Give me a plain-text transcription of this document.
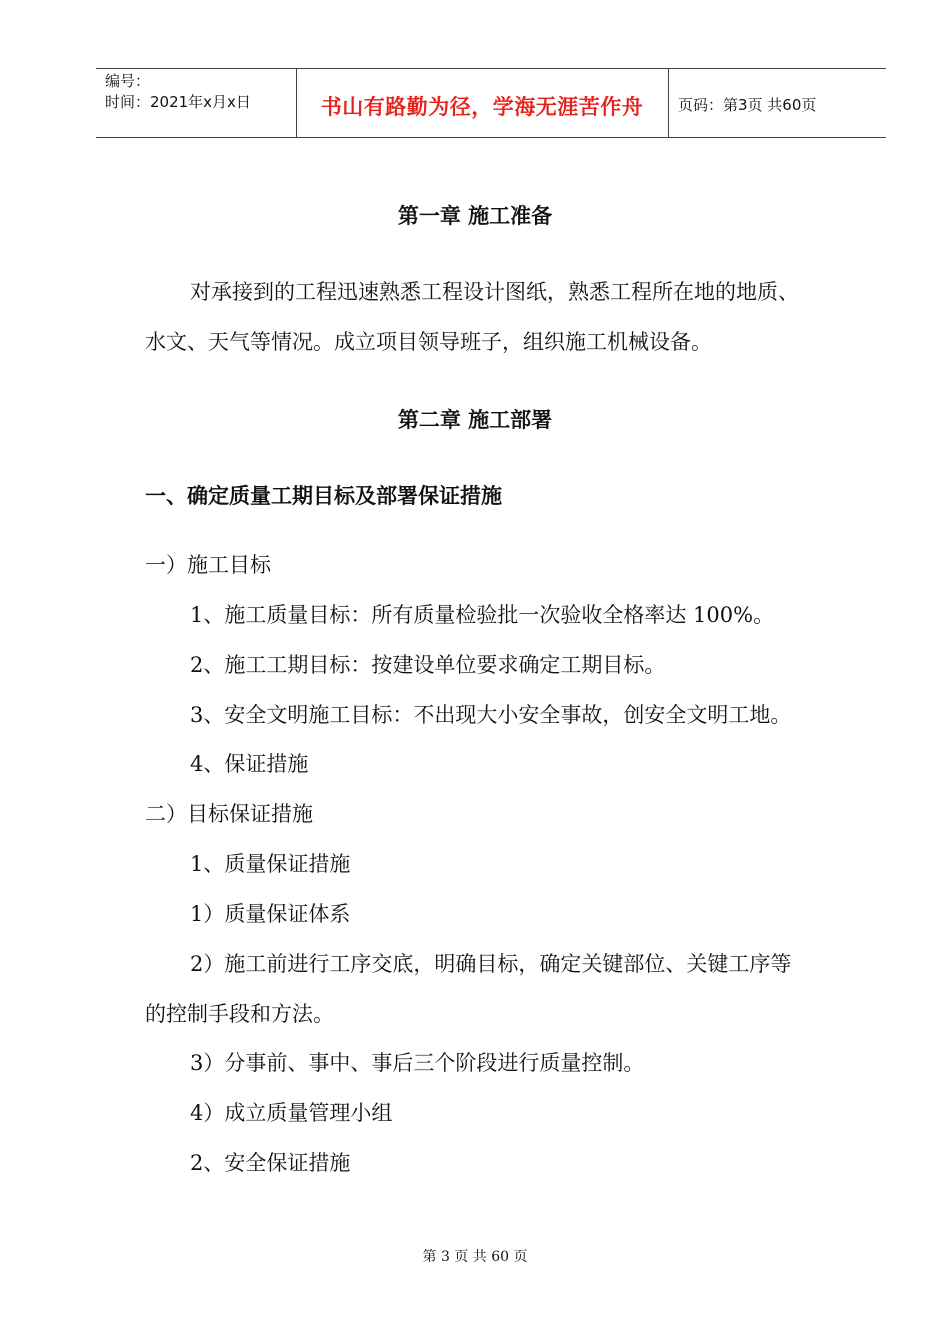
编号：
时间：2021年x月x日	书山有路勤为径，学海无涯苦作舟	页码：第3页 共60页
第一章 施工准备
对承接到的工程迅速熟悉工程设计图纸，熟悉工程所在地的地质、
水文、天气等情况。成立项目领导班子，组织施工机械设备。
第二章 施工部署
一、确定质量工期目标及部署保证措施
一）施工目标
1、施工质量目标：所有质量检验批一次验收全格率达 100%。
2、施工工期目标：按建设单位要求确定工期目标。
3、安全文明施工目标：不出现大小安全事故，创安全文明工地。
4、保证措施
二）目标保证措施
1、质量保证措施
1）质量保证体系
2）施工前进行工序交底，明确目标，确定关键部位、关键工序等
的控制手段和方法。
3）分事前、事中、事后三个阶段进行质量控制。
4）成立质量管理小组
2、安全保证措施
第 3 页 共 60 页
